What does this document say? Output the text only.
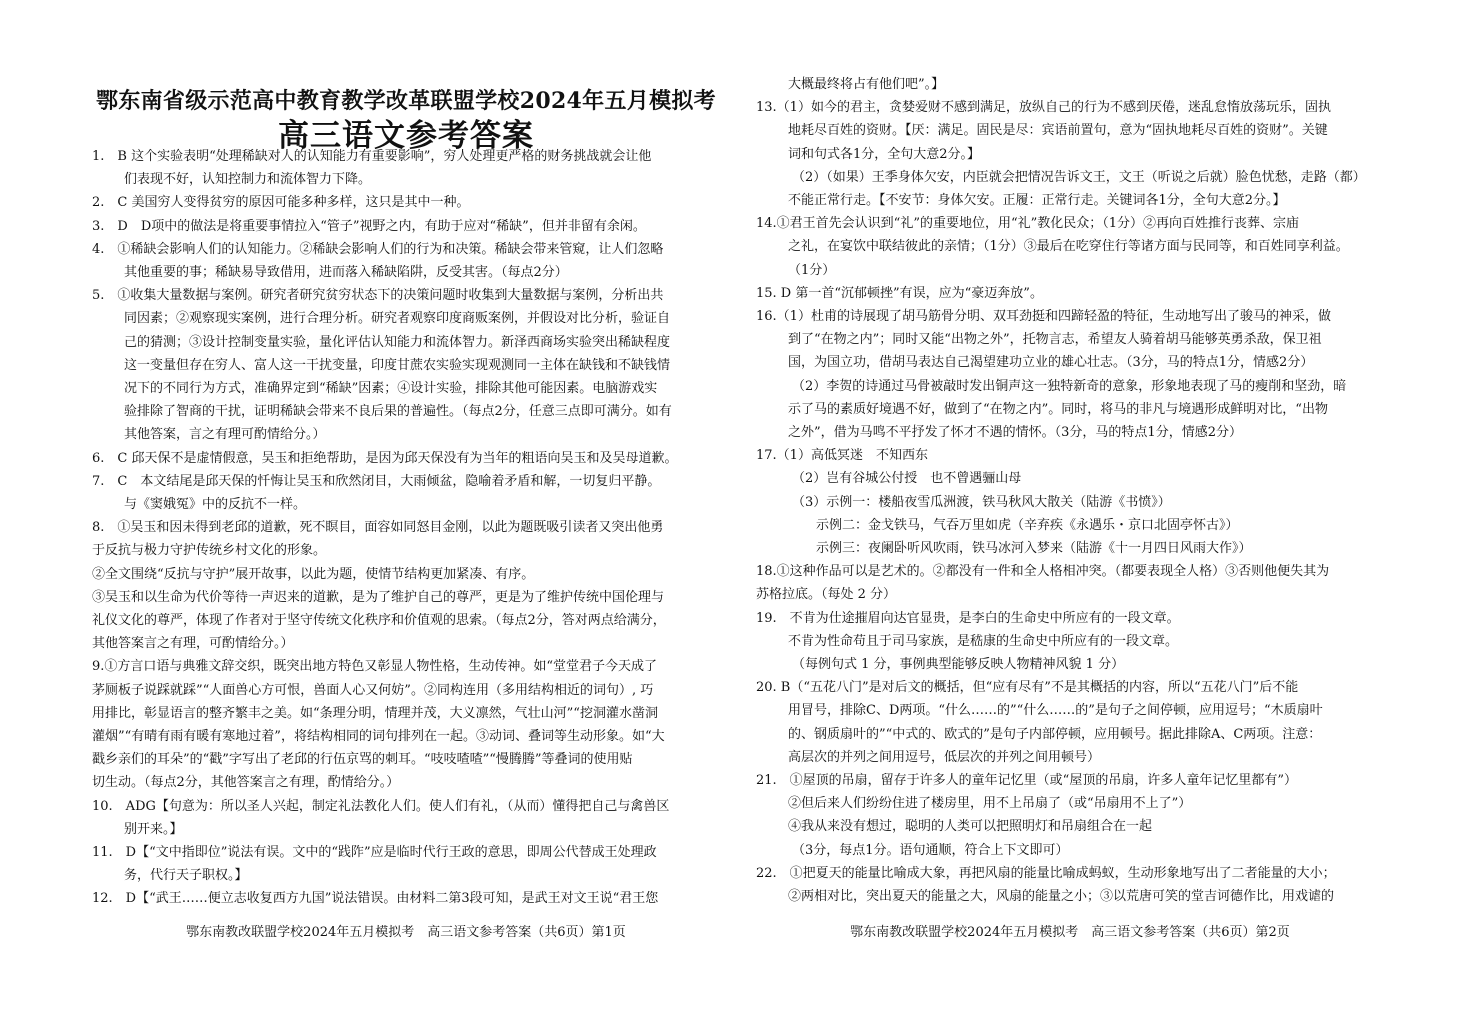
鄂东南省级示范高中教育教学改革联盟学校2024年五月模拟考
高三语文参考答案
1.　B 这个实验表明“处理稀缺对人的认知能力有重要影响”，穷人处理更严格的财务挑战就会让他
们表现不好，认知控制力和流体智力下降。
2.　C 美国穷人变得贫穷的原因可能多种多样，这只是其中一种。
3.　D　D项中的做法是将重要事情拉入“管子”视野之内，有助于应对“稀缺”，但并非留有余闲。
4.　①稀缺会影响人们的认知能力。②稀缺会影响人们的行为和决策。稀缺会带来管窥，让人们忽略
其他重要的事；稀缺易导致借用，进而落入稀缺陷阱，反受其害。（每点2分）
5.　①收集大量数据与案例。研究者研究贫穷状态下的决策问题时收集到大量数据与案例，分析出共
同因素；②观察现实案例，进行合理分析。研究者观察印度商贩案例，并假设对比分析，验证自
己的猜测；③设计控制变量实验，量化评估认知能力和流体智力。新泽西商场实验突出稀缺程度
这一变量但存在穷人、富人这一干扰变量，印度甘蔗农实验实现观测同一主体在缺钱和不缺钱情
况下的不同行为方式，准确界定到“稀缺”因素；④设计实验，排除其他可能因素。电脑游戏实
验排除了智商的干扰，证明稀缺会带来不良后果的普遍性。（每点2分，任意三点即可满分。如有
其他答案，言之有理可酌情给分。）
6.　C 邱天保不是虚情假意，吴玉和拒绝帮助，是因为邱天保没有为当年的粗语向吴玉和及吴母道歉。
7.　C　本文结尾是邱天保的忏悔让吴玉和欣然闭目，大雨倾盆，隐喻着矛盾和解，一切复归平静。
与《窦娥冤》中的反抗不一样。
8.　①吴玉和因未得到老邱的道歉，死不瞑目，面容如同怒目金刚，以此为题既吸引读者又突出他勇
于反抗与极力守护传统乡村文化的形象。
②全文围绕“反抗与守护”展开故事，以此为题，使情节结构更加紧凑、有序。
③吴玉和以生命为代价等待一声迟来的道歉，是为了维护自己的尊严，更是为了维护传统中国伦理与
礼仪文化的尊严，体现了作者对于坚守传统文化秩序和价值观的思索。（每点2分，答对两点给满分，
其他答案言之有理，可酌情给分。）
9.①方言口语与典雅文辞交织，既突出地方特色又彰显人物性格，生动传神。如“堂堂君子今天成了
茅厕板子说踩就踩”“人面兽心方可恨，兽面人心又何妨”。②同构连用（多用结构相近的词句）, 巧
用排比，彰显语言的整齐繁丰之美。如“条理分明，情理并茂，大义凛然，气壮山河”“挖洞灌水凿洞
灌烟”“有晴有雨有暖有寒地过着”，将结构相同的词句排列在一起。③动词、叠词等生动形象。如“大
戳乡亲们的耳朵”的“戳”字写出了老邱的行伍京骂的刺耳。“吱吱喳喳”“慢腾腾”等叠词的使用贴
切生动。（每点2分，其他答案言之有理，酌情给分。）
10.　ADG【句意为：所以圣人兴起，制定礼法教化人们。使人们有礼，（从而）懂得把自己与禽兽区
别开来。】
11.　D【“文中指即位”说法有误。文中的“践阼”应是临时代行王政的意思，即周公代替成王处理政
务，代行天子职权。】
12.　D【“武王……便立志收复西方九国”说法错误。由材料二第3段可知，是武王对文王说“君王您
鄂东南教改联盟学校2024年五月模拟考　高三语文参考答案（共6页）第1页
大概最终将占有他们吧”。】
13.（1）如今的君主，贪婪爱财不感到满足，放纵自己的行为不感到厌倦，迷乱怠惰放荡玩乐，固执
地耗尽百姓的资财。【厌：满足。固民是尽：宾语前置句，意为“固执地耗尽百姓的资财”。关键
词和句式各1分，全句大意2分。】
（2）（如果）王季身体欠安，内臣就会把情况告诉文王，文王（听说之后就）脸色忧愁，走路（都）
不能正常行走。【不安节：身体欠安。正履：正常行走。关键词各1分，全句大意2分。】
14.①君王首先会认识到“礼”的重要地位，用“礼”教化民众；（1分）②再向百姓推行丧葬、宗庙
之礼，在宴饮中联结彼此的亲情；（1分）③最后在吃穿住行等诸方面与民同等，和百姓同享利益。
（1分）
15. D 第一首“沉郁顿挫”有误，应为“豪迈奔放”。
16.（1）杜甫的诗展现了胡马筋骨分明、双耳劲挺和四蹄轻盈的特征，生动地写出了骏马的神采，做
到了“在物之内”；同时又能“出物之外”，托物言志，希望友人骑着胡马能够英勇杀敌，保卫祖
国，为国立功，借胡马表达自己渴望建功立业的雄心壮志。（3分，马的特点1分，情感2分）
（2）李贺的诗通过马骨被敲时发出铜声这一独特新奇的意象，形象地表现了马的瘦削和坚劲，暗
示了马的素质好境遇不好，做到了“在物之内”。同时，将马的非凡与境遇形成鲜明对比，“出物
之外”，借为马鸣不平抒发了怀才不遇的情怀。（3分，马的特点1分，情感2分）
17.（1）高低冥迷　不知西东
（2）岂有谷城公付授　也不曾遇骊山母
（3）示例一：楼船夜雪瓜洲渡，铁马秋风大散关（陆游《书愤》）
示例二：金戈铁马，气吞万里如虎（辛弃疾《永遇乐・京口北固亭怀古》）
示例三：夜阑卧听风吹雨，铁马冰河入梦来（陆游《十一月四日风雨大作》）
18.①这种作品可以是艺术的。②都没有一件和全人格相冲突。（都要表现全人格）③否则他便失其为
苏格拉底。（每处 2 分）
19.　不肯为仕途摧眉向达官显贵，是李白的生命史中所应有的一段文章。
不肯为性命苟且于司马家族，是嵇康的生命史中所应有的一段文章。
（每例句式 1 分，事例典型能够反映人物精神风貌 1 分）
20. B（“五花八门”是对后文的概括，但“应有尽有”不是其概括的内容，所以“五花八门”后不能
用冒号，排除C、D两项。“什么……的”“什么……的”是句子之间停顿，应用逗号；“木质扇叶
的、钢质扇叶的”“中式的、欧式的”是句子内部停顿，应用顿号。据此排除A、C两项。注意：
高层次的并列之间用逗号，低层次的并列之间用顿号）
21.　①屋顶的吊扇，留存于许多人的童年记忆里（或“屋顶的吊扇，许多人童年记忆里都有”）
②但后来人们纷纷住进了楼房里，用不上吊扇了（或“吊扇用不上了”）
④我从来没有想过，聪明的人类可以把照明灯和吊扇组合在一起
（3分，每点1分。语句通顺，符合上下文即可）
22.　①把夏天的能量比喻成大象，再把风扇的能量比喻成蚂蚁，生动形象地写出了二者能量的大小；
②两相对比，突出夏天的能量之大，风扇的能量之小；③以荒唐可笑的堂吉诃德作比，用戏谑的
鄂东南教改联盟学校2024年五月模拟考　高三语文参考答案（共6页）第2页
